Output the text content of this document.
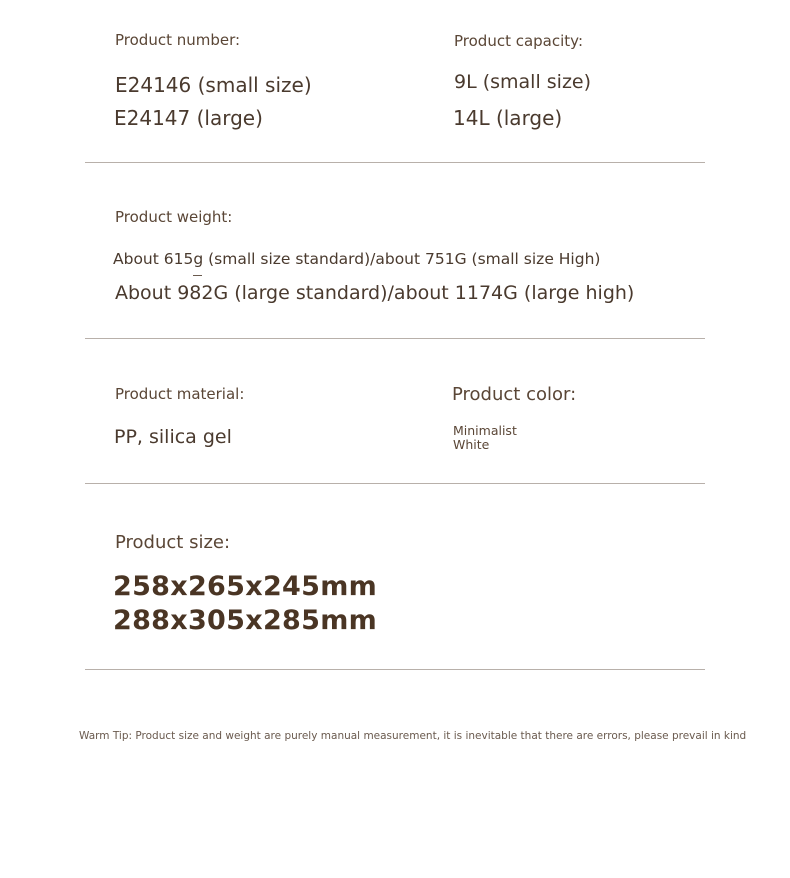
Product number:
E24146 (small size)
E24147 (large)
Product capacity:
9L (small size)
14L (large)
Product weight:
About 615g (small size standard)/about 751G (small size High)
About 982G (large standard)/about 1174G (large high)
Product material:
PP, silica gel
Product color:
Minimalist
White
Product size:
258x265x245mm
288x305x285mm
Warm Tip: Product size and weight are purely manual measurement, it is inevitable that there are errors, please prevail in kind
